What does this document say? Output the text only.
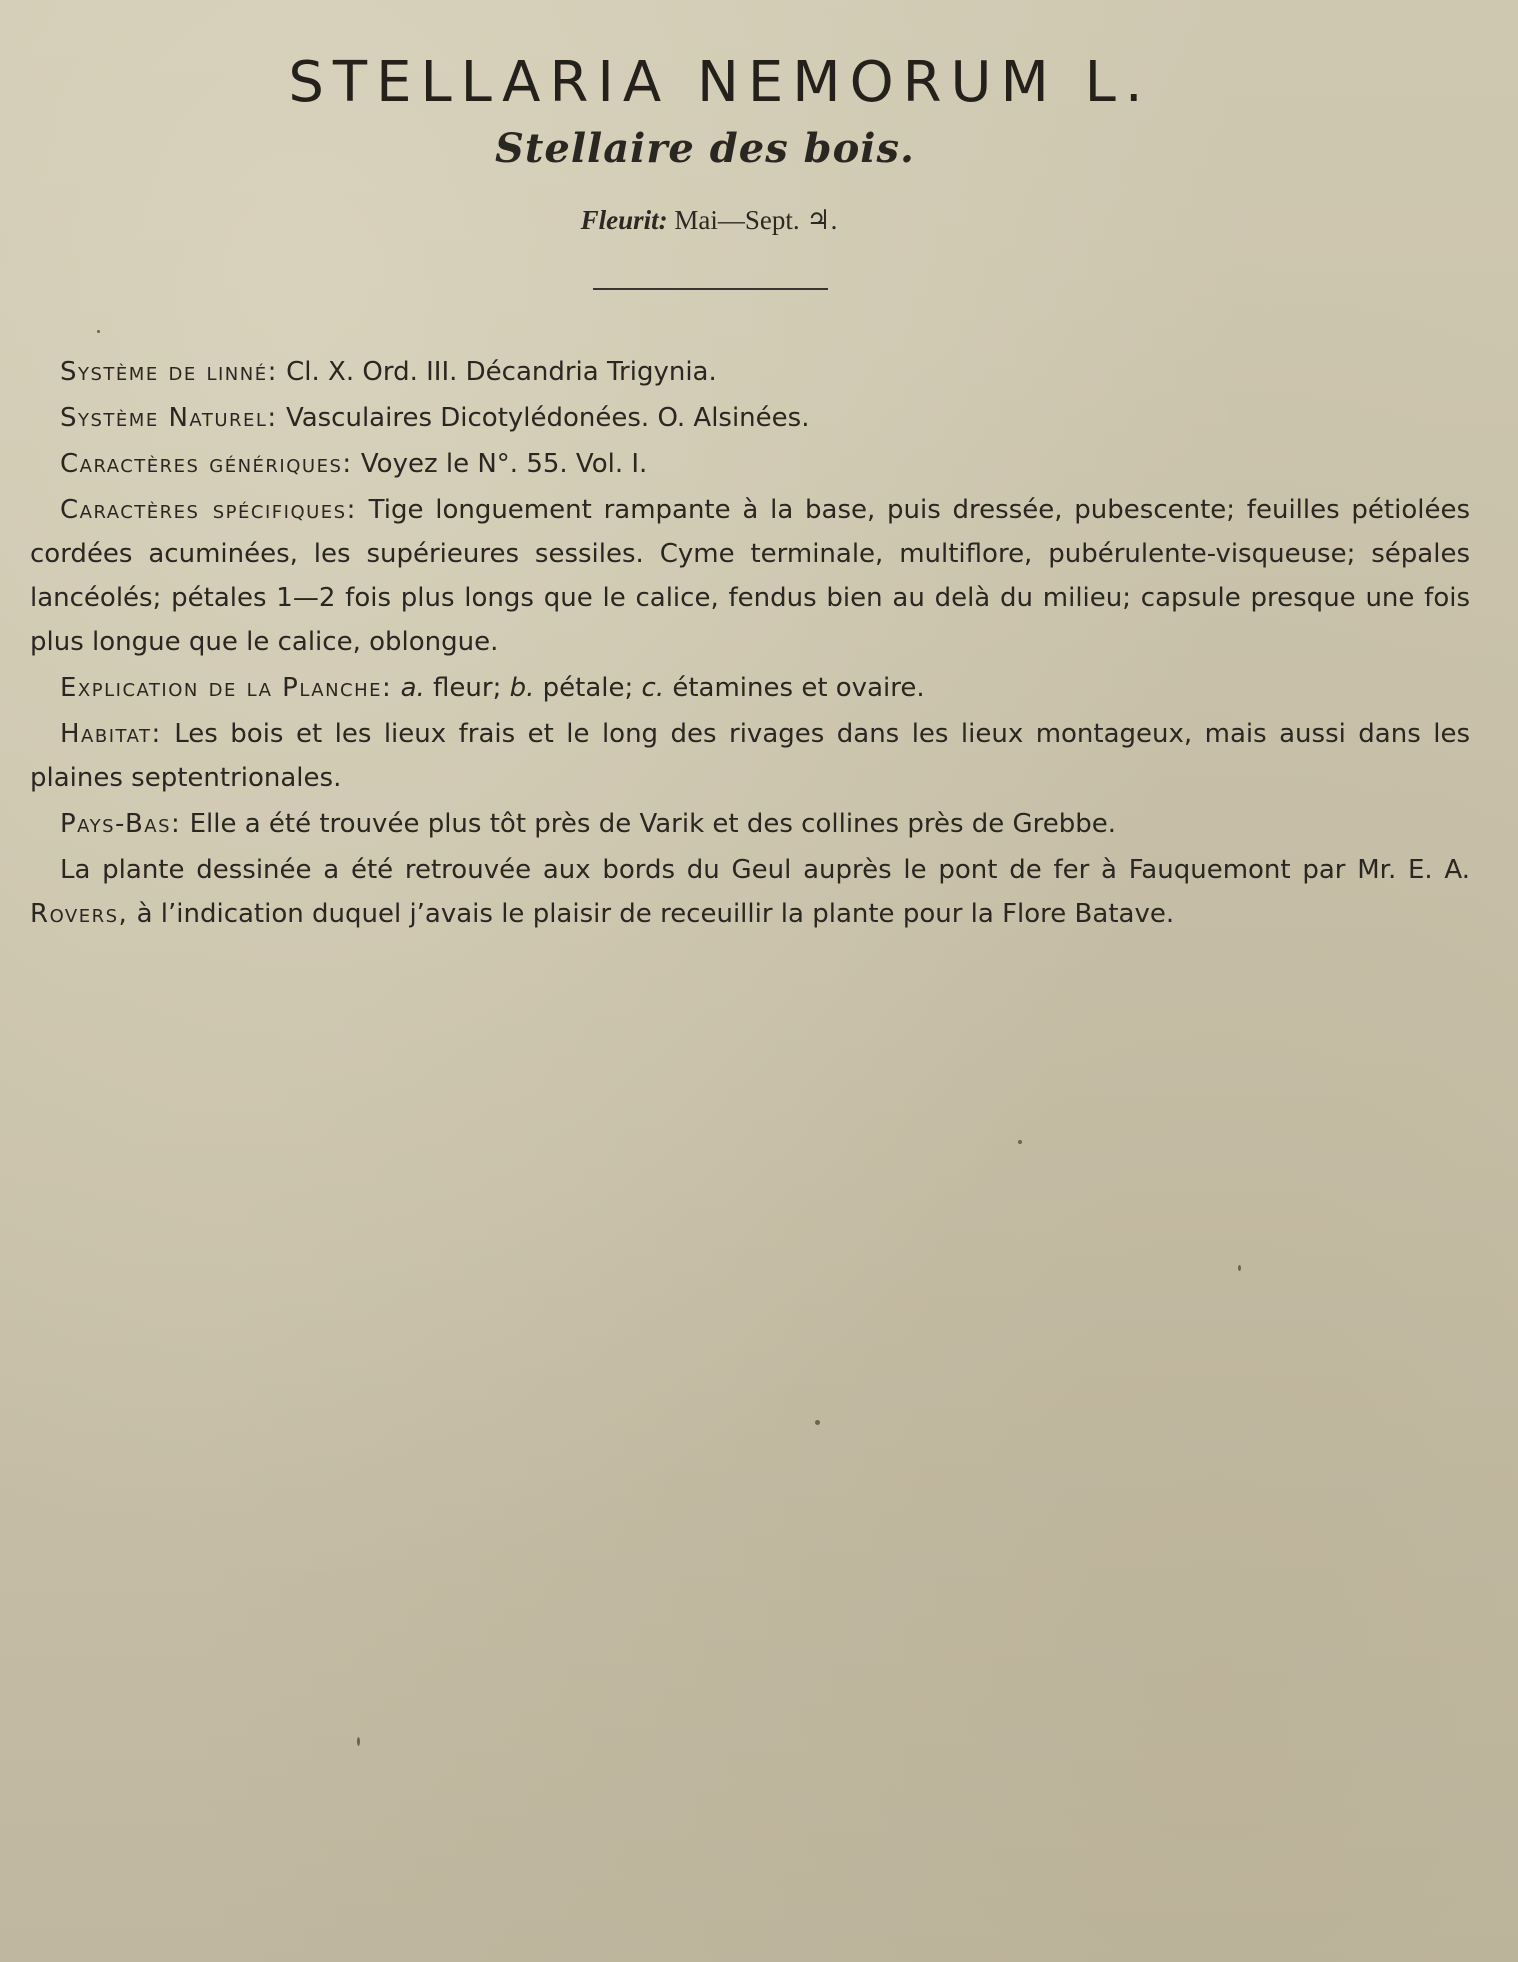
STELLARIA NEMORUM L.
Stellaire des bois.

Fleurit: Mai—Sept. ♃.

Système de linné: Cl. X. Ord. III. Décandria Trigynia.

Système Naturel: Vasculaires Dicotylédonées. O. Alsinées.

Caractères génériques: Voyez le N°. 55. Vol. I.

Caractères spécifiques: Tige longuement rampante à la base, puis dressée, pubescente; feuilles pétiolées cordées acuminées, les supérieures sessiles. Cyme terminale, multiflore, pubérulente-visqueuse; sépales lancéolés; pétales 1—2 fois plus longs que le calice, fendus bien au delà du milieu; capsule presque une fois plus longue que le calice, oblongue.

Explication de la Planche: a. fleur; b. pétale; c. étamines et ovaire.

Habitat: Les bois et les lieux frais et le long des rivages dans les lieux montageux, mais aussi dans les plaines septentrionales.

Pays-Bas: Elle a été trouvée plus tôt près de Varik et des collines près de Grebbe.

La plante dessinée a été retrouvée aux bords du Geul auprès le pont de fer à Fauquemont par Mr. E. A. Rovers, à l’indication duquel j’avais le plaisir de receuillir la plante pour la Flore Batave.
